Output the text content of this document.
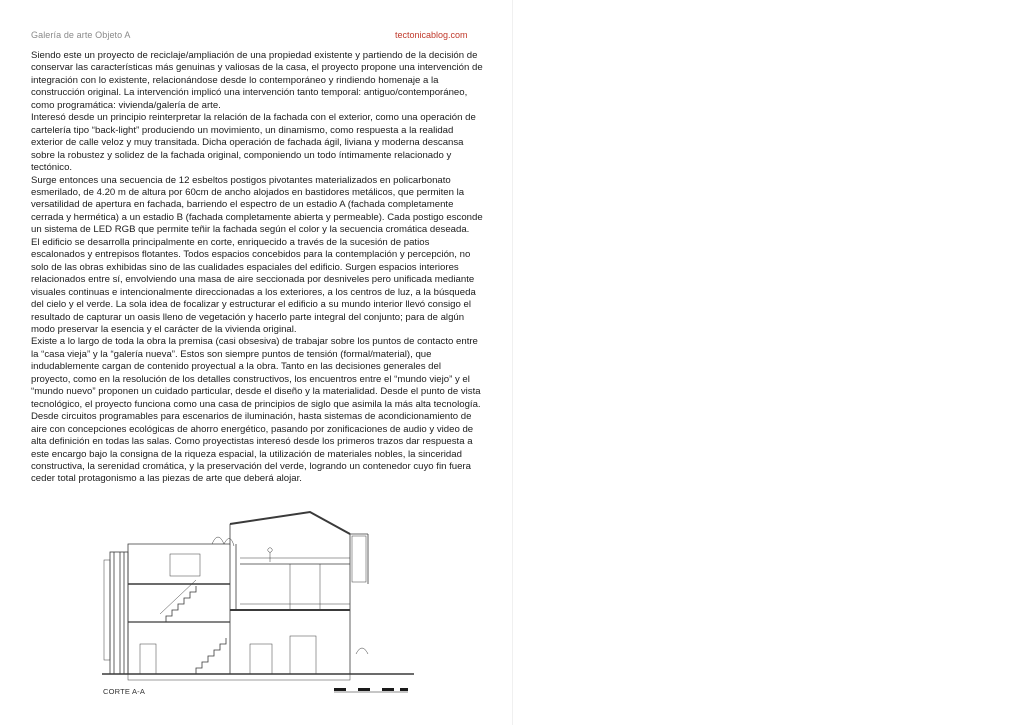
Galería de arte Objeto A	tectonicablog.com

Siendo este un proyecto de reciclaje/ampliación de una propiedad existente y partiendo de la decisión de conservar las características más genuinas y valiosas de la casa, el proyecto propone una intervención de integración con lo existente, relacionándose desde lo contemporáneo y rindiendo homenaje a la construcción original. La intervención implicó una intervención tanto temporal: antiguo/contemporáneo, como programática: vivienda/galería de arte.

Interesó desde un principio reinterpretar la relación de la fachada con el exterior, como una operación de cartelería tipo “back-light” produciendo un movimiento, un dinamismo, como respuesta a la realidad exterior de calle veloz y muy transitada. Dicha operación de fachada ágil, liviana y moderna descansa sobre la robustez y solidez de la fachada original, componiendo un todo íntimamente relacionado y tectónico.

Surge entonces una secuencia de 12 esbeltos postigos pivotantes materializados en policarbonato esmerilado, de 4.20 m de altura por 60cm de ancho alojados en bastidores metálicos, que permiten la versatilidad de apertura en fachada, barriendo el espectro de un estadio A (fachada completamente cerrada y hermética) a un estadio B (fachada completamente abierta y permeable). Cada postigo esconde un sistema de LED RGB que permite teñir la fachada según el color y la secuencia cromática deseada.

El edificio se desarrolla principalmente en corte, enriquecido a través de la sucesión de patios escalonados y entrepisos flotantes. Todos espacios concebidos para la contemplación y percepción, no solo de las obras exhibidas sino de las cualidades espaciales del edificio. Surgen espacios interiores relacionados entre sí, envolviendo una masa de aire seccionada por desniveles pero unificada mediante visuales continuas e intencionalmente direccionadas a los exteriores, a los centros de luz, a la búsqueda del cielo y el verde. La sola idea de focalizar y estructurar el edificio a su mundo interior llevó consigo el resultado de capturar un oasis lleno de vegetación y hacerlo parte integral del conjunto; para de algún modo preservar la esencia y el carácter de la vivienda original.

Existe a lo largo de toda la obra la premisa (casi obsesiva) de trabajar sobre los puntos de contacto entre la “casa vieja” y la “galería nueva”. Estos son siempre puntos de tensión (formal/material), que indudablemente cargan de contenido proyectual a la obra. Tanto en las decisiones generales del proyecto, como en la resolución de los detalles constructivos, los encuentros entre el “mundo viejo” y el “mundo nuevo” proponen un cuidado particular, desde el diseño y la materialidad. Desde el punto de vista tecnológico, el proyecto funciona como una casa de principios de siglo que asimila la más alta tecnología. Desde circuitos programables para escenarios de iluminación, hasta sistemas de acondicionamiento de aire con concepciones ecológicas de ahorro energético, pasando por zonificaciones de audio y video de alta definición en todas las salas. Como proyectistas interesó desde los primeros trazos dar respuesta a este encargo bajo la consigna de la riqueza espacial, la utilización de materiales nobles, la sinceridad constructiva, la serenidad cromática, y la preservación del verde, logrando un contenedor cuyo fin fuera ceder total protagonismo a las piezas de arte que deberá alojar.

CORTE A-A
